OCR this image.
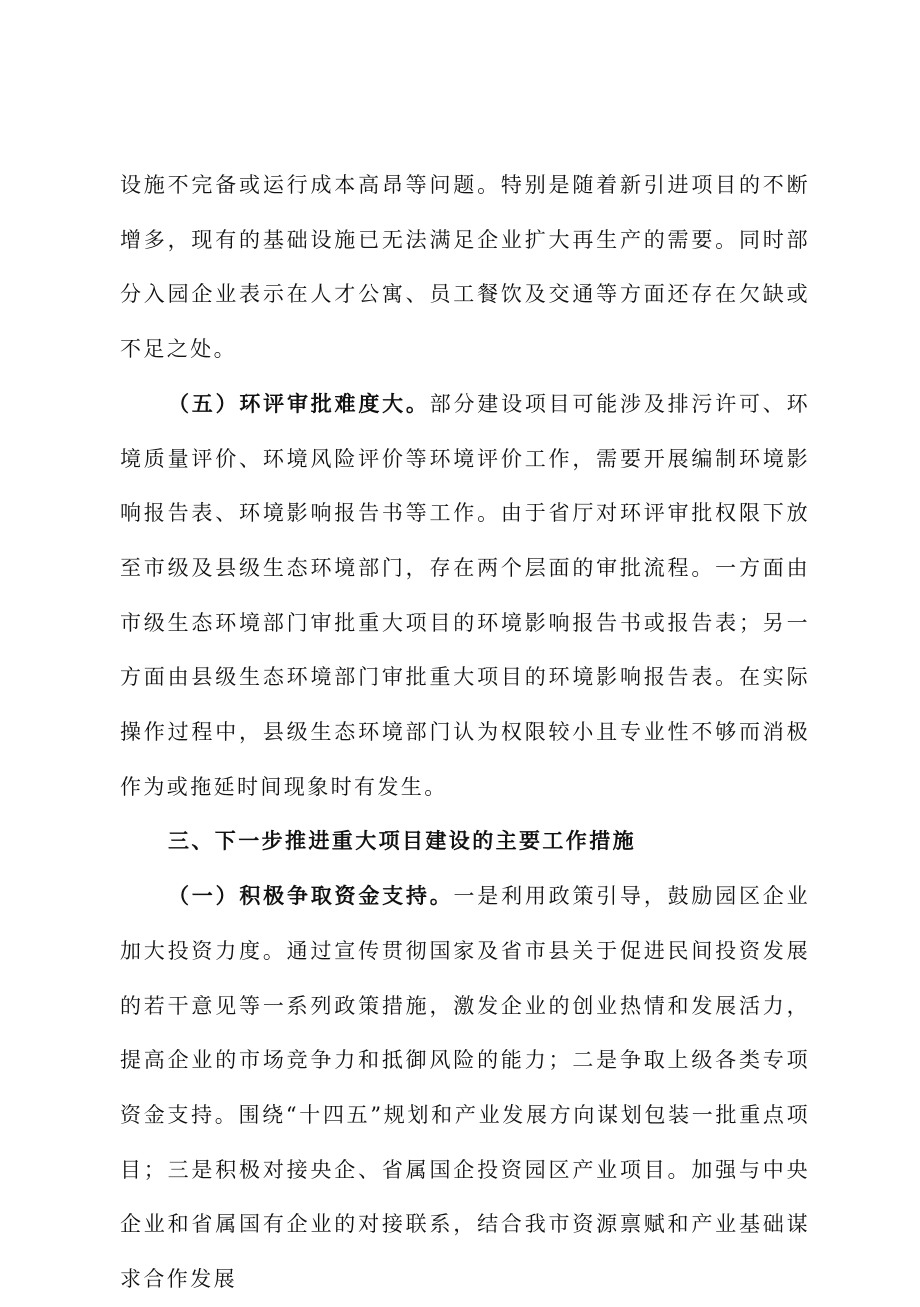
设施不完备或运行成本高昂等问题。特别是随着新引进项目的不断增多，现有的基础设施已无法满足企业扩大再生产的需要。同时部分入园企业表示在人才公寓、员工餐饮及交通等方面还存在欠缺或不足之处。

（五）环评审批难度大。部分建设项目可能涉及排污许可、环境质量评价、环境风险评价等环境评价工作，需要开展编制环境影响报告表、环境影响报告书等工作。由于省厅对环评审批权限下放至市级及县级生态环境部门，存在两个层面的审批流程。一方面由市级生态环境部门审批重大项目的环境影响报告书或报告表；另一方面由县级生态环境部门审批重大项目的环境影响报告表。在实际操作过程中，县级生态环境部门认为权限较小且专业性不够而消极作为或拖延时间现象时有发生。

三、下一步推进重大项目建设的主要工作措施

（一）积极争取资金支持。一是利用政策引导，鼓励园区企业加大投资力度。通过宣传贯彻国家及省市县关于促进民间投资发展的若干意见等一系列政策措施，激发企业的创业热情和发展活力，提高企业的市场竞争力和抵御风险的能力；二是争取上级各类专项资金支持。围绕“十四五”规划和产业发展方向谋划包装一批重点项目；三是积极对接央企、省属国企投资园区产业项目。加强与中央企业和省属国有企业的对接联系，结合我市资源禀赋和产业基础谋求合作发展
